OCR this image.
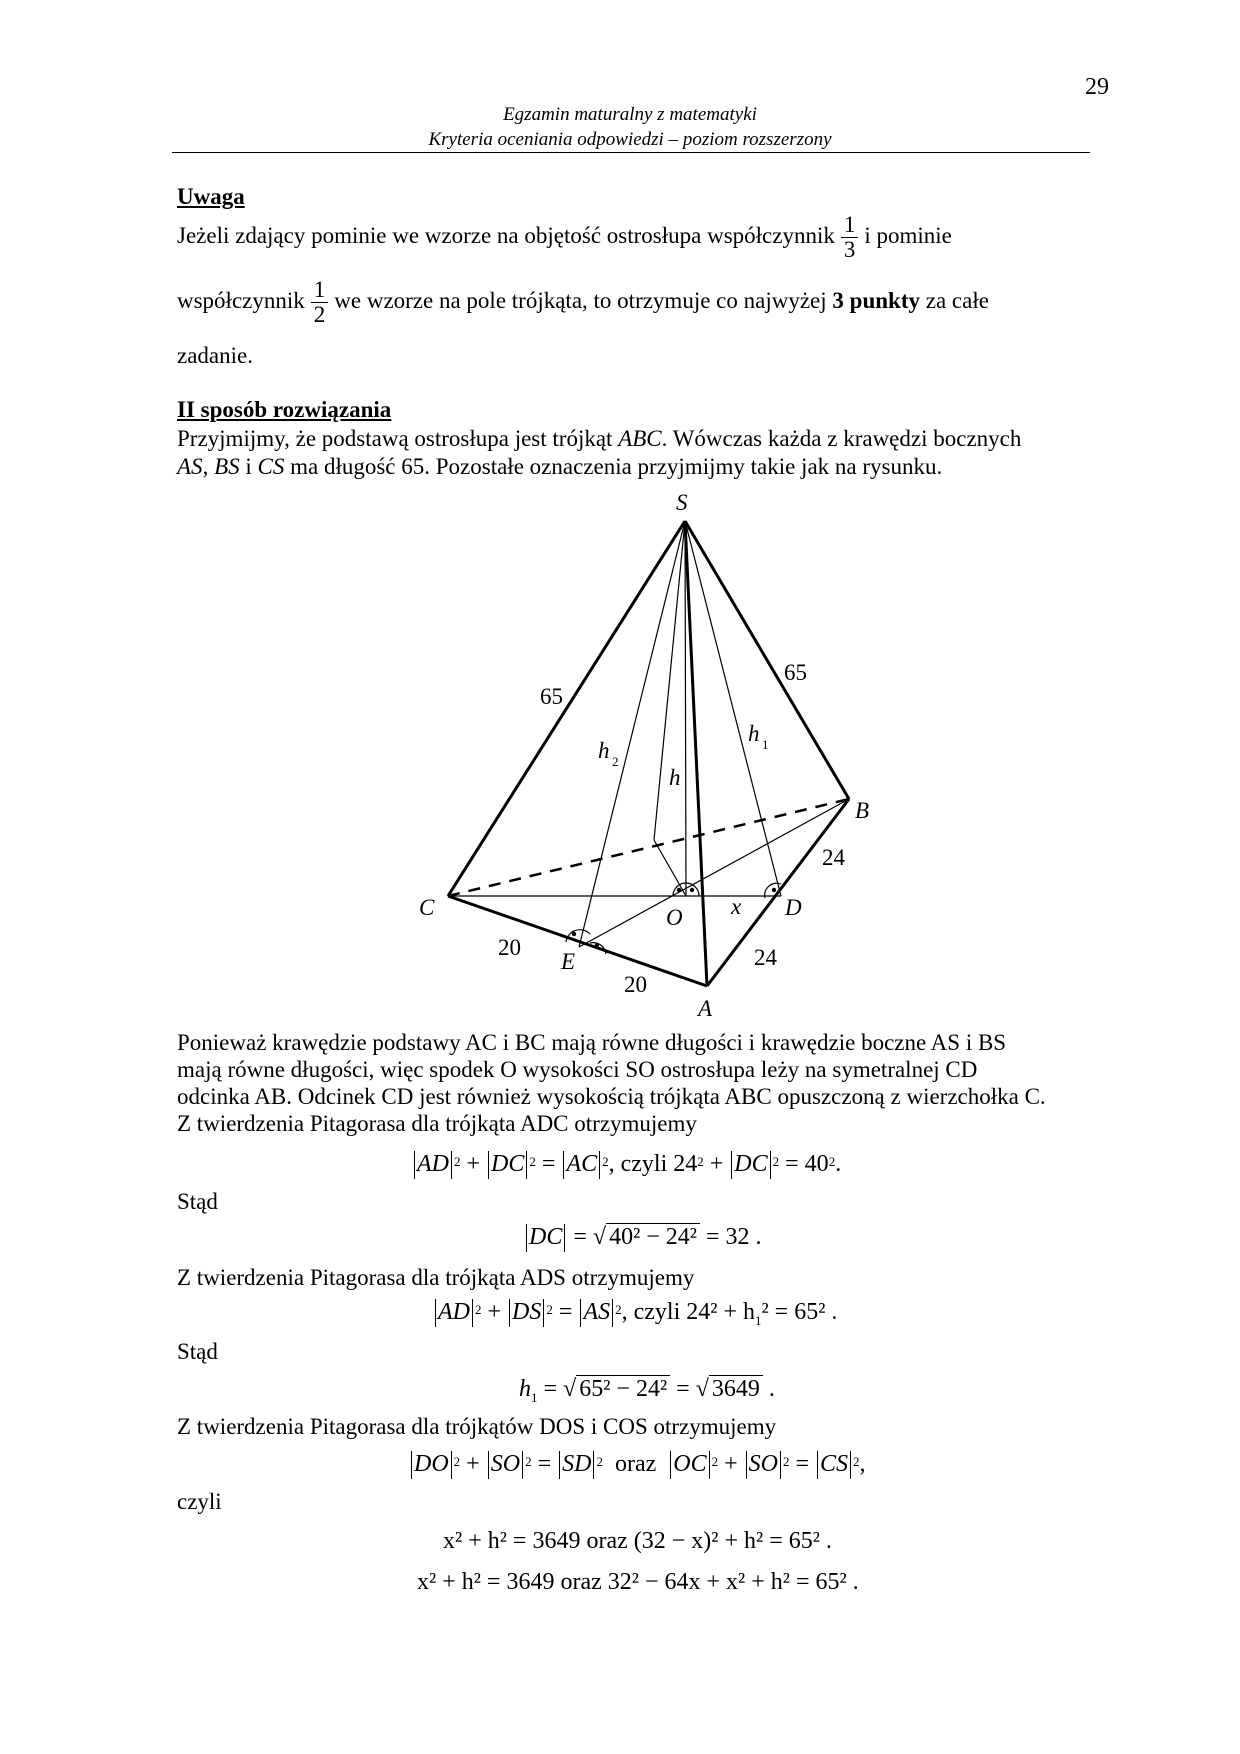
29
Egzamin maturalny z matematyki
Kryteria oceniania odpowiedzi – poziom rozszerzony
Uwaga
Jeżeli zdający pominie we wzorze na objętość ostrosłupa współczynnik $\frac{1}{3}$ i pominie
współczynnik $\frac{1}{2}$ we wzorze na pole trójkąta, to otrzymuje co najwyżej 3 punkty za całe
zadanie.
II sposób rozwiązania
Przyjmijmy, że podstawą ostrosłupa jest trójkąt ABC. Wówczas każda z krawędzi bocznych
AS, BS i CS ma długość 65. Pozostałe oznaczenia przyjmijmy takie jak na rysunku.
S
B
C	D
E
O
A
x
h
h 1
h 2
65
65
24
24
20
20
Ponieważ krawędzie podstawy AC i BC mają równe długości i krawędzie boczne AS i BS
mają równe długości, więc spodek O wysokości SO ostrosłupa leży na symetralnej CD
odcinka AB. Odcinek CD jest również wysokością trójkąta ABC opuszczoną z wierzchołka C.
Z twierdzenia Pitagorasa dla trójkąta ADC otrzymujemy
AD $^2$ + DC $^2$ = AC $^2$, czyli $24^2$ + DC $^2 = 40^2$.
Stąd
DC = √ 40² − 24² = 32 .
Z twierdzenia Pitagorasa dla trójkąta ADS otrzymujemy
AD $^2$ + DS $^2$ = AS $^2$, czyli $24^2 + h_1^2 = 65^2$ .
Stąd
$h_1$ = √ 65² − 24² = √ 3649 .
Z twierdzenia Pitagorasa dla trójkątów DOS i COS otrzymujemy
DO $^2$ + SO $^2$ = SD $^2$ oraz OC $^2$ + SO $^2$ = CS $^2$,
czyli
x² + h² = 3649 oraz (32 − x)² + h² = 65² .
x² + h² = 3649 oraz 32² − 64x + x² + h² = 65² .
